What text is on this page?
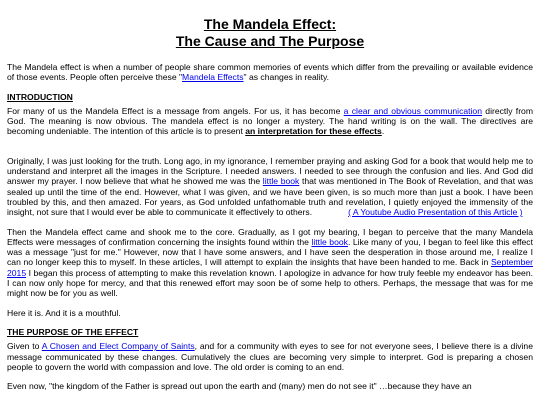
The Mandela Effect:
The Cause and The Purpose

The Mandela effect is when a number of people share common memories of events which differ from the prevailing or available evidence of those events. People often perceive these "Mandela Effects" as changes in reality.

INTRODUCTION

For many of us the Mandela Effect is a message from angels. For us, it has become a clear and obvious communication directly from God. The meaning is now obvious. The mandela effect is no longer a mystery. The hand writing is on the wall. The directives are becoming undeniable. The intention of this article is to present an interpretation for these effects.

Originally, I was just looking for the truth. Long ago, in my ignorance, I remember praying and asking God for a book that would help me to understand and interpret all the images in the Scripture. I needed answers. I needed to see through the confusion and lies. And God did answer my prayer. I now believe that what he showed me was the little book that was mentioned in The Book of Revelation, and that was sealed up until the time of the end. However, what I was given, and we have been given, is so much more than just a book. I have been troubled by this, and then amazed. For years, as God unfolded unfathomable truth and revelation, I quietly enjoyed the immensity of the insight, not sure that I would ever be able to communicate it effectively to others.	( A Youtube Audio Presentation of this Article )

Then the Mandela effect came and shook me to the core. Gradually, as I got my bearing, I began to perceive that the many Mandela Effects were messages of confirmation concerning the insights found within the little book. Like many of you, I began to feel like this effect was a message "just for me." However, now that I have some answers, and I have seen the desperation in those around me, I realize I can no longer keep this to myself. In these articles, I will attempt to explain the insights that have been handed to me. Back in September 2015 I began this process of attempting to make this revelation known. I apologize in advance for how truly feeble my endeavor has been. I can now only hope for mercy, and that this renewed effort may soon be of some help to others. Perhaps, the message that was for me might now be for you as well.

Here it is. And it is a mouthful.

THE PURPOSE OF THE EFFECT

Given to A Chosen and Elect Company of Saints, and for a community with eyes to see for not everyone sees, I believe there is a divine message communicated by these changes. Cumulatively the clues are becoming very simple to interpret. God is preparing a chosen people to govern the world with compassion and love. The old order is coming to an end.

Even now, "the kingdom of the Father is spread out upon the earth and (many) men do not see it" …because they have an
